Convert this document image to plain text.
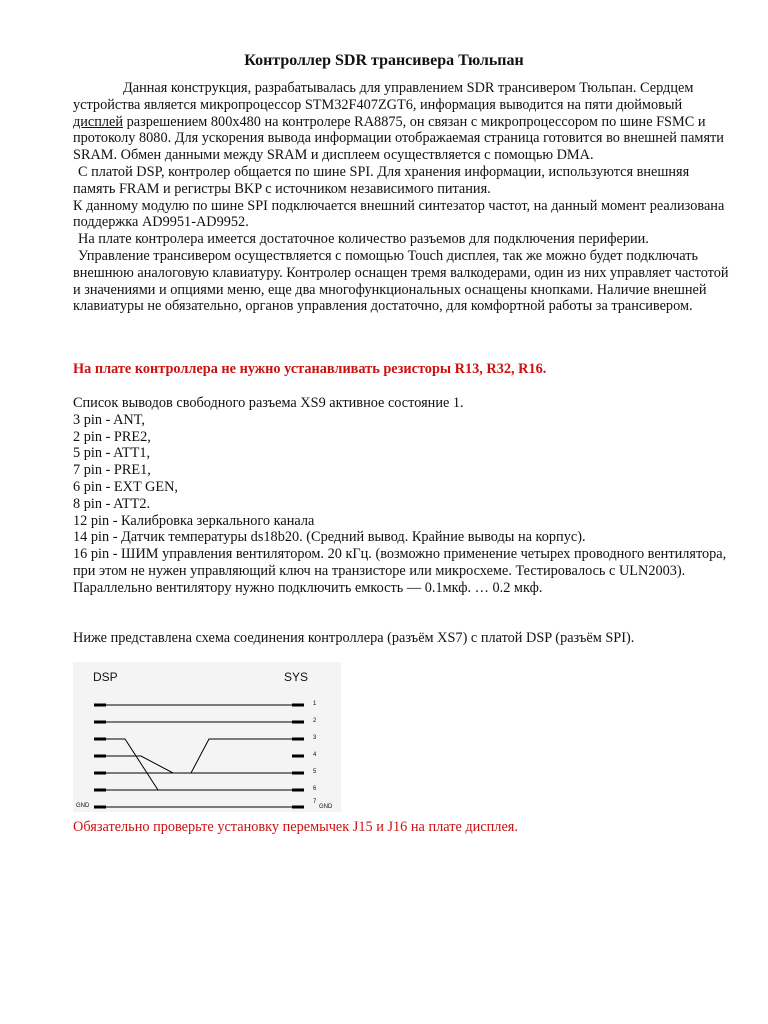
Контроллер SDR трансивера Тюльпан

Данная конструкция, разрабатывалась для управлением SDR трансивером Тюльпан. Сердцем устройства является микропроцессор STM32F407ZGT6, информация выводится на пяти дюймовый дисплей разрешением 800х480 на контролере RA8875, он связан с микропроцессором по шине FSMC и протоколу 8080. Для ускорения вывода информации отображаемая страница готовится во внешней памяти SRAM. Обмен данными между SRAM и дисплеем осуществляется с помощью DMA.

С платой DSP, контролер общается по шине SPI. Для хранения информации, используются внешняя память FRAM и регистры BKP с источником независимого питания.

К данному модулю по шине SPI подключается внешний синтезатор частот, на данный момент реализована поддержка AD9951-AD9952.

На плате контролера имеется достаточное количество разъемов для подключения периферии.

Управление трансивером осуществляется с помощью Touch дисплея, так же можно будет подключать внешнюю аналоговую клавиатуру. Контролер оснащен тремя валкодерами, один из них управляет частотой и значениями и опциями меню, еще два многофункциональных оснащены кнопками. Наличие внешней клавиатуры не обязательно, органов управления достаточно, для комфортной работы за трансивером.

На плате контроллера не нужно устанавливать резисторы R13, R32, R16.

Список выводов свободного разъема XS9 активное состояние 1.

3 pin - ANT,

2 pin - PRE2,

5 pin - ATT1,

7 pin - PRE1,

6 pin - EXT GEN,

8 pin - ATT2.

12 pin - Калибровка зеркального канала

14 pin - Датчик температуры ds18b20. (Средний вывод. Крайние выводы на корпус).

16 pin - ШИМ управления вентилятором. 20 кГц. (возможно применение четырех проводного вентилятора, при этом не нужен управляющий ключ на транзисторе или микросхеме. Тестировалось с ULN2003). Параллельно вентилятору нужно подключить емкость — 0.1мкф. … 0.2 мкф.

Ниже представлена схема соединения контроллера (разъём XS7) с платой DSP (разъём SPI).
DSP	SYS
1
2
3
4
5
6
7
GND	GND
Обязательно проверьте установку перемычек J15 и J16 на плате дисплея.
